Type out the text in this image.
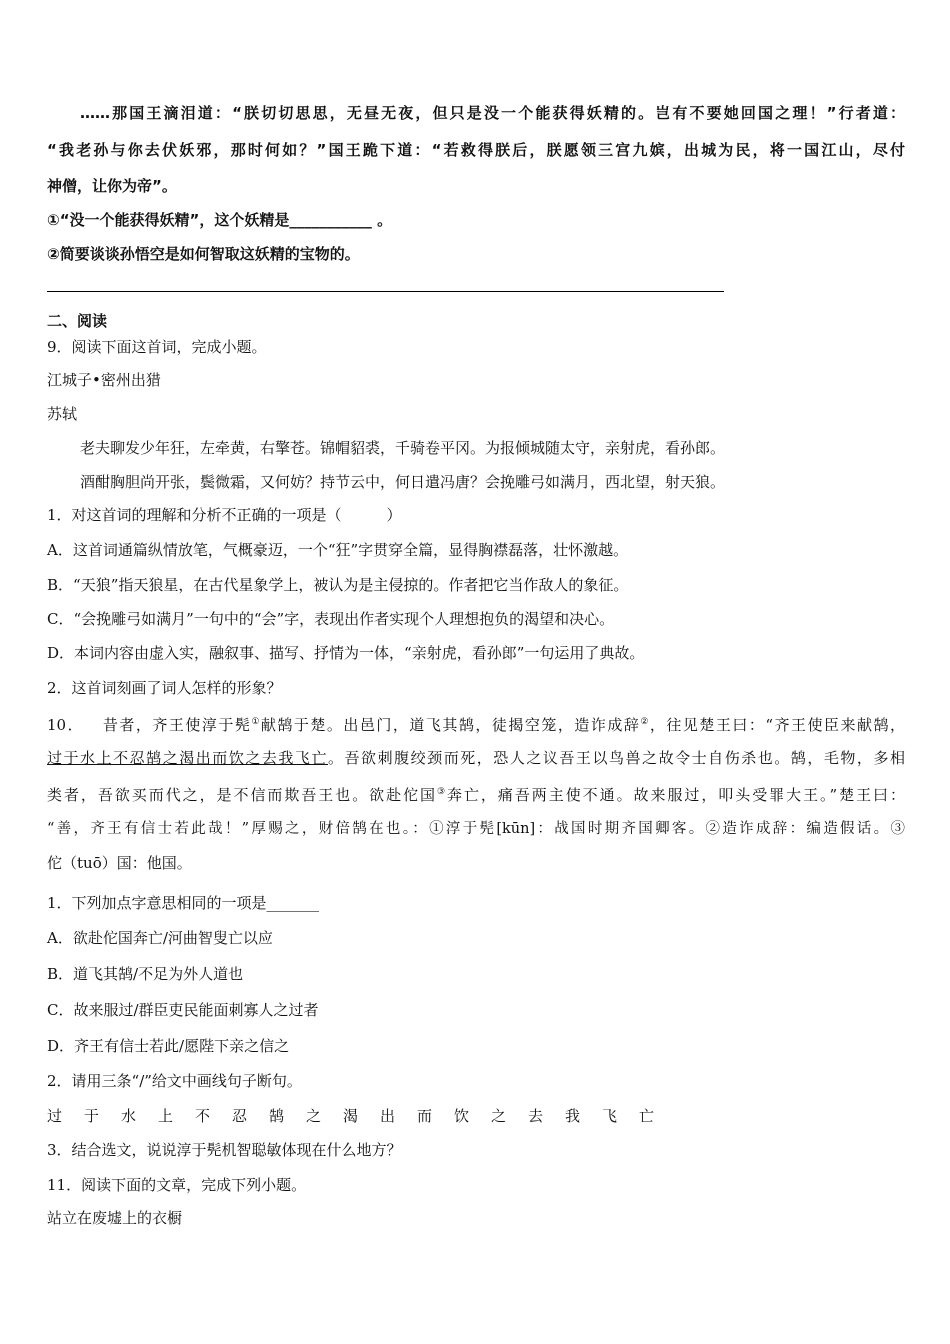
……那国王滴泪道：“朕切切思思，无昼无夜，但只是没一个能获得妖精的。岂有不要她回国之理！”行者道：
“我老孙与你去伏妖邪，那时何如？”国王跪下道：“若救得朕后，朕愿领三宫九嫔，出城为民，将一国江山，尽付
神僧，让你为帝”。
①“没一个能获得妖精”，这个妖精是___________ 。
②简要谈谈孙悟空是如何智取这妖精的宝物的。
二、阅读
9．阅读下面这首词，完成小题。
江城子•密州出猎
苏轼
老夫聊发少年狂，左牵黄，右擎苍。锦帽貂裘，千骑卷平冈。为报倾城随太守，亲射虎，看孙郎。
酒酣胸胆尚开张，鬓微霜，又何妨？持节云中，何日遣冯唐？会挽雕弓如满月，西北望，射天狼。
1．对这首词的理解和分析不正确的一项是（　　　）
A．这首词通篇纵情放笔，气概豪迈，一个“狂”字贯穿全篇，显得胸襟磊落，壮怀激越。
B．“天狼”指天狼星，在古代星象学上，被认为是主侵掠的。作者把它当作敌人的象征。
C．“会挽雕弓如满月”一句中的“会”字，表现出作者实现个人理想抱负的渴望和决心。
D．本词内容由虚入实，融叙事、描写、抒情为一体，“亲射虎，看孙郎”一句运用了典故。
2．这首词刻画了词人怎样的形象？
10． 昔者，齐王使淳于髡①献鹄于楚。出邑门，道飞其鹄，徒揭空笼，造诈成辞②，往见楚王曰：“齐王使臣来献鹄，
过于水上不忍鹄之渴出而饮之去我飞亡。吾欲刺腹绞颈而死，恐人之议吾王以鸟兽之故令士自伤杀也。鹄，毛物，多相
类者，吾欲买而代之，是不信而欺吾王也。欲赴佗国③奔亡，痛吾两主使不通。故来服过，叩头受罪大王。”楚王曰：
“善，齐王有信士若此哉！”厚赐之，财倍鹄在也。：①淳于髡[kūn]：战国时期齐国卿客。②造诈成辞：编造假话。③
佗（tuō）国：他国。
1．下列加点字意思相同的一项是_______
A．欲赴佗国奔亡/河曲智叟亡以应
B．道飞其鹄/不足为外人道也
C．故来服过/群臣吏民能面刺寡人之过者
D．齐王有信士若此/愿陛下亲之信之
2．请用三条“/”给文中画线句子断句。
过于水上不忍鹄之渴出而饮之去我飞亡
3．结合选文，说说淳于髡机智聪敏体现在什么地方？
11．阅读下面的文章，完成下列小题。
站立在废墟上的衣橱
